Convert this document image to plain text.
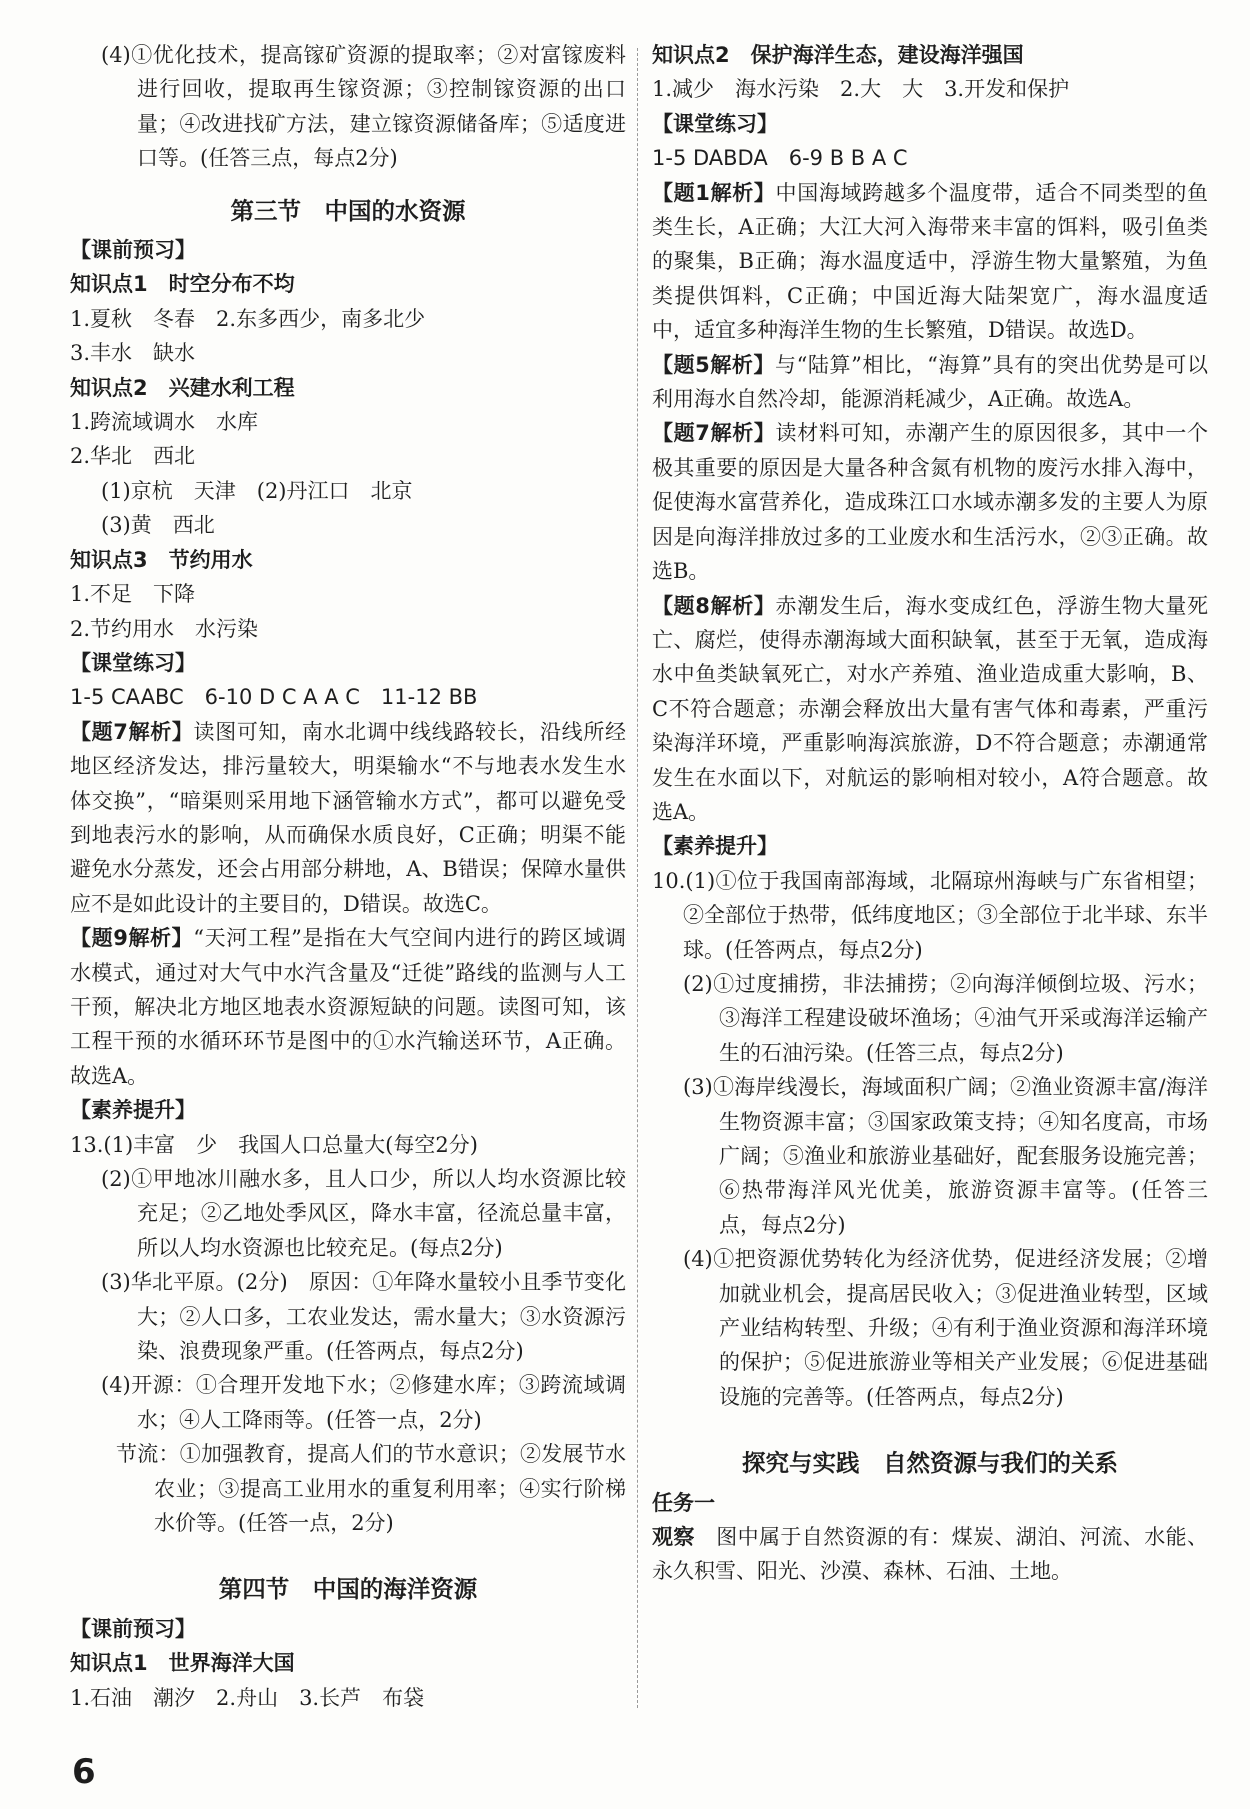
(4)①优化技术，提高镓矿资源的提取率；②对富镓废料进行回收，提取再生镓资源；③控制镓资源的出口量；④改进找矿方法，建立镓资源储备库；⑤适度进口等。(任答三点，每点2分)

第三节　中国的水资源

【课前预习】

知识点1　时空分布不均

1.夏秋　冬春　2.东多西少，南多北少

3.丰水　缺水

知识点2　兴建水利工程

1.跨流域调水　水库

2.华北　西北

(1)京杭　天津　(2)丹江口　北京

(3)黄　西北

知识点3　节约用水

1.不足　下降

2.节约用水　水污染

【课堂练习】

1-5 CAABC　6-10 D C A A C　11-12 BB

【题7解析】读图可知，南水北调中线线路较长，沿线所经地区经济发达，排污量较大，明渠输水“不与地表水发生水体交换”，“暗渠则采用地下涵管输水方式”，都可以避免受到地表污水的影响，从而确保水质良好，C正确；明渠不能避免水分蒸发，还会占用部分耕地，A、B错误；保障水量供应不是如此设计的主要目的，D错误。故选C。

【题9解析】“天河工程”是指在大气空间内进行的跨区域调水模式，通过对大气中水汽含量及“迁徙”路线的监测与人工干预，解决北方地区地表水资源短缺的问题。读图可知，该工程干预的水循环环节是图中的①水汽输送环节，A正确。故选A。

【素养提升】

13.(1)丰富　少　我国人口总量大(每空2分)

(2)①甲地冰川融水多，且人口少，所以人均水资源比较充足；②乙地处季风区，降水丰富，径流总量丰富，所以人均水资源也比较充足。(每点2分)

(3)华北平原。(2分)　原因：①年降水量较小且季节变化大；②人口多，工农业发达，需水量大；③水资源污染、浪费现象严重。(任答两点，每点2分)

(4)开源：①合理开发地下水；②修建水库；③跨流域调水；④人工降雨等。(任答一点，2分)

节流：①加强教育，提高人们的节水意识；②发展节水农业；③提高工业用水的重复利用率；④实行阶梯水价等。(任答一点，2分)

第四节　中国的海洋资源

【课前预习】

知识点1　世界海洋大国

1.石油　潮汐　2.舟山　3.长芦　布袋

知识点2　保护海洋生态，建设海洋强国

1.减少　海水污染　2.大　大　3.开发和保护

【课堂练习】

1-5 DABDA　6-9 B B A C

【题1解析】中国海域跨越多个温度带，适合不同类型的鱼类生长，A正确；大江大河入海带来丰富的饵料，吸引鱼类的聚集，B正确；海水温度适中，浮游生物大量繁殖，为鱼类提供饵料，C正确；中国近海大陆架宽广，海水温度适中，适宜多种海洋生物的生长繁殖，D错误。故选D。

【题5解析】与“陆算”相比，“海算”具有的突出优势是可以利用海水自然冷却，能源消耗减少，A正确。故选A。

【题7解析】读材料可知，赤潮产生的原因很多，其中一个极其重要的原因是大量各种含氮有机物的废污水排入海中，促使海水富营养化，造成珠江口水域赤潮多发的主要人为原因是向海洋排放过多的工业废水和生活污水，②③正确。故选B。

【题8解析】赤潮发生后，海水变成红色，浮游生物大量死亡、腐烂，使得赤潮海域大面积缺氧，甚至于无氧，造成海水中鱼类缺氧死亡，对水产养殖、渔业造成重大影响，B、C不符合题意；赤潮会释放出大量有害气体和毒素，严重污染海洋环境，严重影响海滨旅游，D不符合题意；赤潮通常发生在水面以下，对航运的影响相对较小，A符合题意。故选A。

【素养提升】

10.(1)①位于我国南部海域，北隔琼州海峡与广东省相望；②全部位于热带，低纬度地区；③全部位于北半球、东半球。(任答两点，每点2分)

(2)①过度捕捞，非法捕捞；②向海洋倾倒垃圾、污水；③海洋工程建设破坏渔场；④油气开采或海洋运输产生的石油污染。(任答三点，每点2分)

(3)①海岸线漫长，海域面积广阔；②渔业资源丰富/海洋生物资源丰富；③国家政策支持；④知名度高，市场广阔；⑤渔业和旅游业基础好，配套服务设施完善；⑥热带海洋风光优美，旅游资源丰富等。(任答三点，每点2分)

(4)①把资源优势转化为经济优势，促进经济发展；②增加就业机会，提高居民收入；③促进渔业转型，区域产业结构转型、升级；④有利于渔业资源和海洋环境的保护；⑤促进旅游业等相关产业发展；⑥促进基础设施的完善等。(任答两点，每点2分)

探究与实践　自然资源与我们的关系

任务一

观察　图中属于自然资源的有：煤炭、湖泊、河流、水能、永久积雪、阳光、沙漠、森林、石油、土地。

6
